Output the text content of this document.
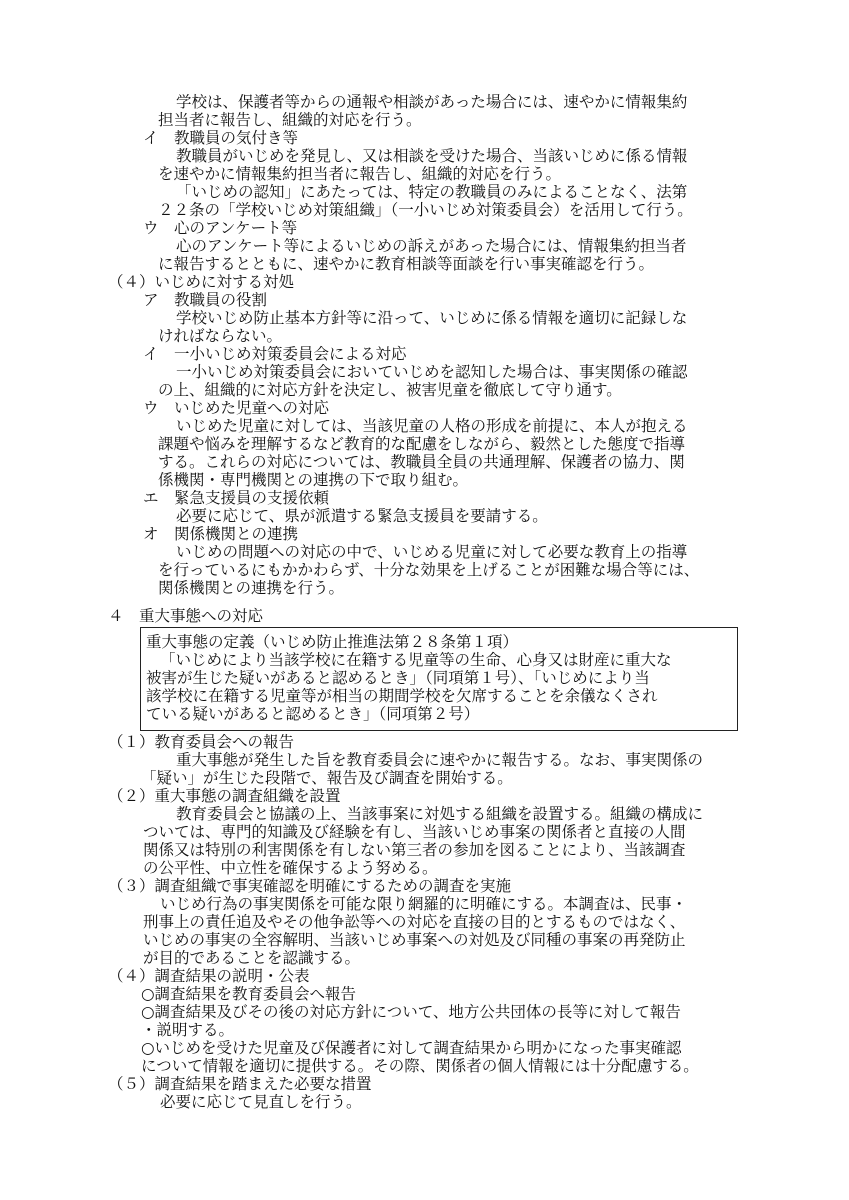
学校は、保護者等からの通報や相談があった場合には、速やかに情報集約
担当者に報告し、組織的対応を行う。
イ　教職員の気付き等
教職員がいじめを発見し、又は相談を受けた場合、当該いじめに係る情報
を速やかに情報集約担当者に報告し、組織的対応を行う。
「いじめの認知」にあたっては、特定の教職員のみによることなく、法第
２２条の「学校いじめ対策組織」（一小いじめ対策委員会）を活用して行う。
ウ　心のアンケート等
心のアンケート等によるいじめの訴えがあった場合には、情報集約担当者
に報告するとともに、速やかに教育相談等面談を行い事実確認を行う。
（４）いじめに対する対処
ア　教職員の役割
学校いじめ防止基本方針等に沿って、いじめに係る情報を適切に記録しな
ければならない。
イ　一小いじめ対策委員会による対応
一小いじめ対策委員会においていじめを認知した場合は、事実関係の確認
の上、組織的に対応方針を決定し、被害児童を徹底して守り通す。
ウ　いじめた児童への対応
いじめた児童に対しては、当該児童の人格の形成を前提に、本人が抱える
課題や悩みを理解するなど教育的な配慮をしながら、毅然とした態度で指導
する。これらの対応については、教職員全員の共通理解、保護者の協力、関
係機関・専門機関との連携の下で取り組む。
エ　緊急支援員の支援依頼
必要に応じて、県が派遣する緊急支援員を要請する。
オ　関係機関との連携
いじめの問題への対応の中で、いじめる児童に対して必要な教育上の指導
を行っているにもかかわらず、十分な効果を上げることが困難な場合等には、
関係機関との連携を行う。
４　重大事態への対応
重大事態の定義（いじめ防止推進法第２８条第１項）
「いじめにより当該学校に在籍する児童等の生命、心身又は財産に重大な
被害が生じた疑いがあると認めるとき」（同項第１号）、「いじめにより当
該学校に在籍する児童等が相当の期間学校を欠席することを余儀なくされ
ている疑いがあると認めるとき」（同項第２号）
（１）教育委員会への報告
重大事態が発生した旨を教育委員会に速やかに報告する。なお、事実関係の
「疑い」が生じた段階で、報告及び調査を開始する。
（２）重大事態の調査組織を設置
教育委員会と協議の上、当該事案に対処する組織を設置する。組織の構成に
ついては、専門的知識及び経験を有し、当該いじめ事案の関係者と直接の人間
関係又は特別の利害関係を有しない第三者の参加を図ることにより、当該調査
の公平性、中立性を確保するよう努める。
（３）調査組織で事実確認を明確にするための調査を実施
いじめ行為の事実関係を可能な限り網羅的に明確にする。本調査は、民事・
刑事上の責任追及やその他争訟等への対応を直接の目的とするものではなく、
いじめの事実の全容解明、当該いじめ事案への対処及び同種の事案の再発防止
が目的であることを認識する。
（４）調査結果の説明・公表
○調査結果を教育委員会へ報告
○調査結果及びその後の対応方針について、地方公共団体の長等に対して報告
・説明する。
○いじめを受けた児童及び保護者に対して調査結果から明かになった事実確認
について情報を適切に提供する。その際、関係者の個人情報には十分配慮する。
（５）調査結果を踏まえた必要な措置
必要に応じて見直しを行う。
